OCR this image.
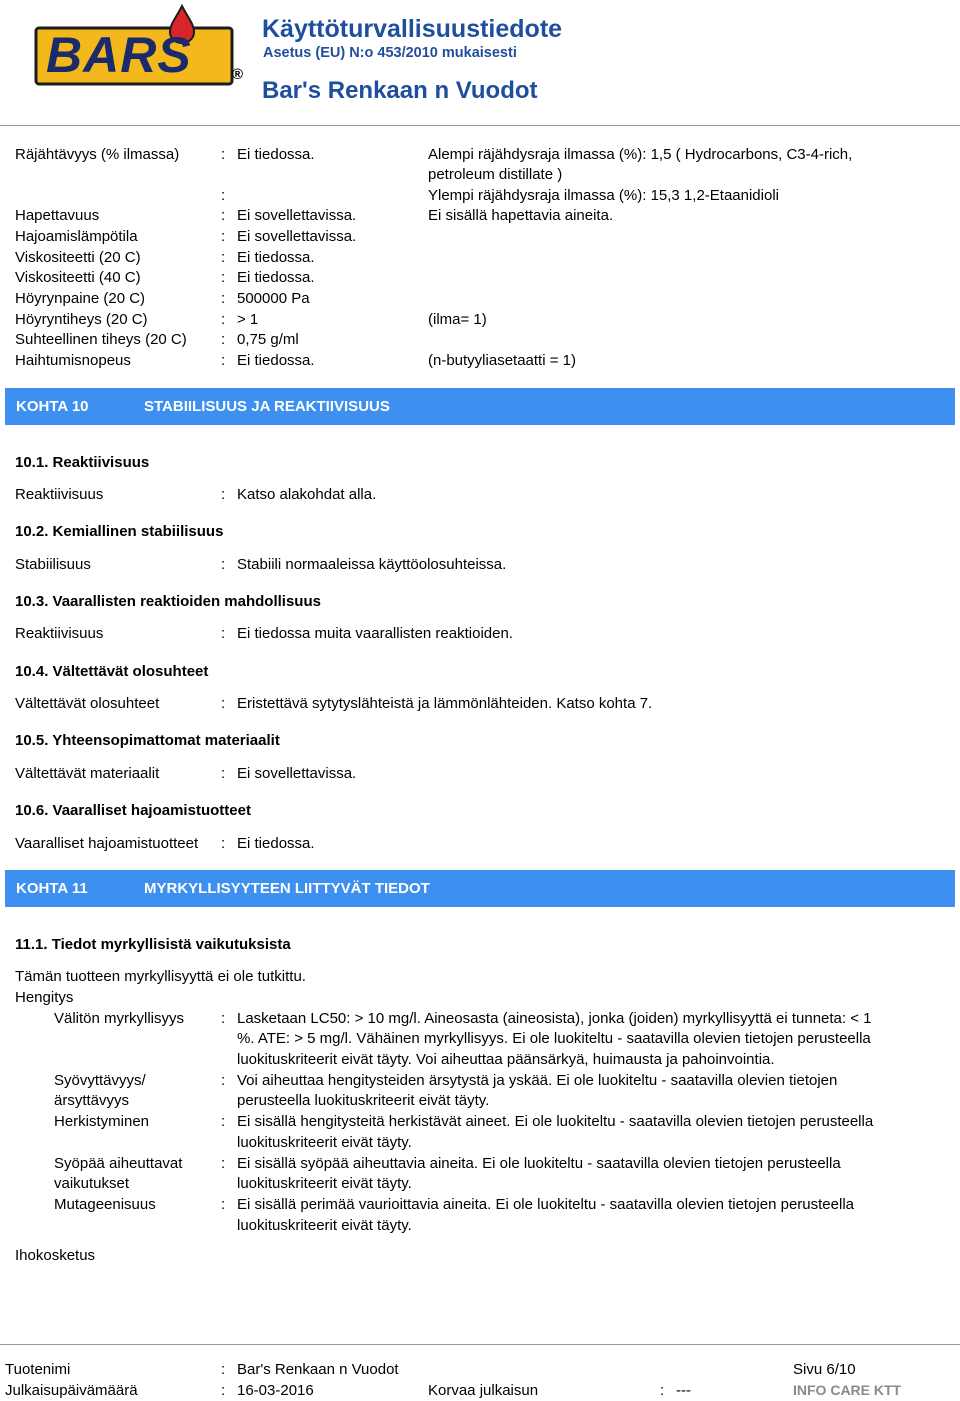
BARS	®
Käyttöturvallisuustiedote
Asetus (EU) N:o 453/2010 mukaisesti
Bar's Renkaan n Vuodot
Räjähtävyys (% ilmassa)	: Ei tiedossa.	Alempi räjähdysraja ilmassa (%): 1,5 ( Hydrocarbons, C3-4-rich,
petroleum distillate )
:	Ylempi räjähdysraja ilmassa (%): 15,3 1,2-Etaanidioli
Hapettavuus	: Ei sovellettavissa.	Ei sisällä hapettavia aineita.
Hajoamislämpötila	: Ei sovellettavissa.
Viskositeetti (20 C)	: Ei tiedossa.
Viskositeetti (40 C)	: Ei tiedossa.
Höyrynpaine (20 C)	: 500000 Pa
Höyryntiheys (20 C)	: > 1	(ilma= 1)
Suhteellinen tiheys (20 C) : 0,75 g/ml
Haihtumisnopeus	: Ei tiedossa.	(n-butyyliasetaatti = 1)
KOHTA 10	STABIILISUUS JA REAKTIIVISUUS
10.1. Reaktiivisuus
Reaktiivisuus	: Katso alakohdat alla.
10.2. Kemiallinen stabiilisuus
Stabiilisuus	: Stabiili normaaleissa käyttöolosuhteissa.
10.3. Vaarallisten reaktioiden mahdollisuus
Reaktiivisuus	: Ei tiedossa muita vaarallisten reaktioiden.
10.4. Vältettävät olosuhteet
Vältettävät olosuhteet	: Eristettävä sytytyslähteistä ja lämmönlähteiden. Katso kohta 7.
10.5. Yhteensopimattomat materiaalit
Vältettävät materiaalit	: Ei sovellettavissa.
10.6. Vaaralliset hajoamistuotteet
Vaaralliset hajoamistuotteet : Ei tiedossa.
KOHTA 11	MYRKYLLISYYTEEN LIITTYVÄT TIEDOT
11.1. Tiedot myrkyllisistä vaikutuksista
Tämän tuotteen myrkyllisyyttä ei ole tutkittu.
Hengitys
Välitön myrkyllisyys : Lasketaan LC50: > 10 mg/l. Aineosasta (aineosista), jonka (joiden) myrkyllisyyttä ei tunneta: < 1
%. ATE: > 5 mg/l. Vähäinen myrkyllisyys. Ei ole luokiteltu - saatavilla olevien tietojen perusteella
luokituskriteerit eivät täyty. Voi aiheuttaa päänsärkyä, huimausta ja pahoinvointia.
Syövyttävyys/
ärsyttävyys
: Voi aiheuttaa hengitysteiden ärsytystä ja yskää. Ei ole luokiteltu - saatavilla olevien tietojen
perusteella luokituskriteerit eivät täyty.
Herkistyminen	: Ei sisällä hengitysteitä herkistävät aineet. Ei ole luokiteltu - saatavilla olevien tietojen perusteella
luokituskriteerit eivät täyty.
Syöpää aiheuttavat
vaikutukset
: Ei sisällä syöpää aiheuttavia aineita. Ei ole luokiteltu - saatavilla olevien tietojen perusteella
luokituskriteerit eivät täyty.
Mutageenisuus	: Ei sisällä perimää vaurioittavia aineita. Ei ole luokiteltu - saatavilla olevien tietojen perusteella
luokituskriteerit eivät täyty.
Ihokosketus
Tuotenimi	: Bar's Renkaan n Vuodot	Sivu 6/10
Julkaisupäivämäärä	: 16-03-2016	Korvaa julkaisun	: ---	INFO CARE KTT
